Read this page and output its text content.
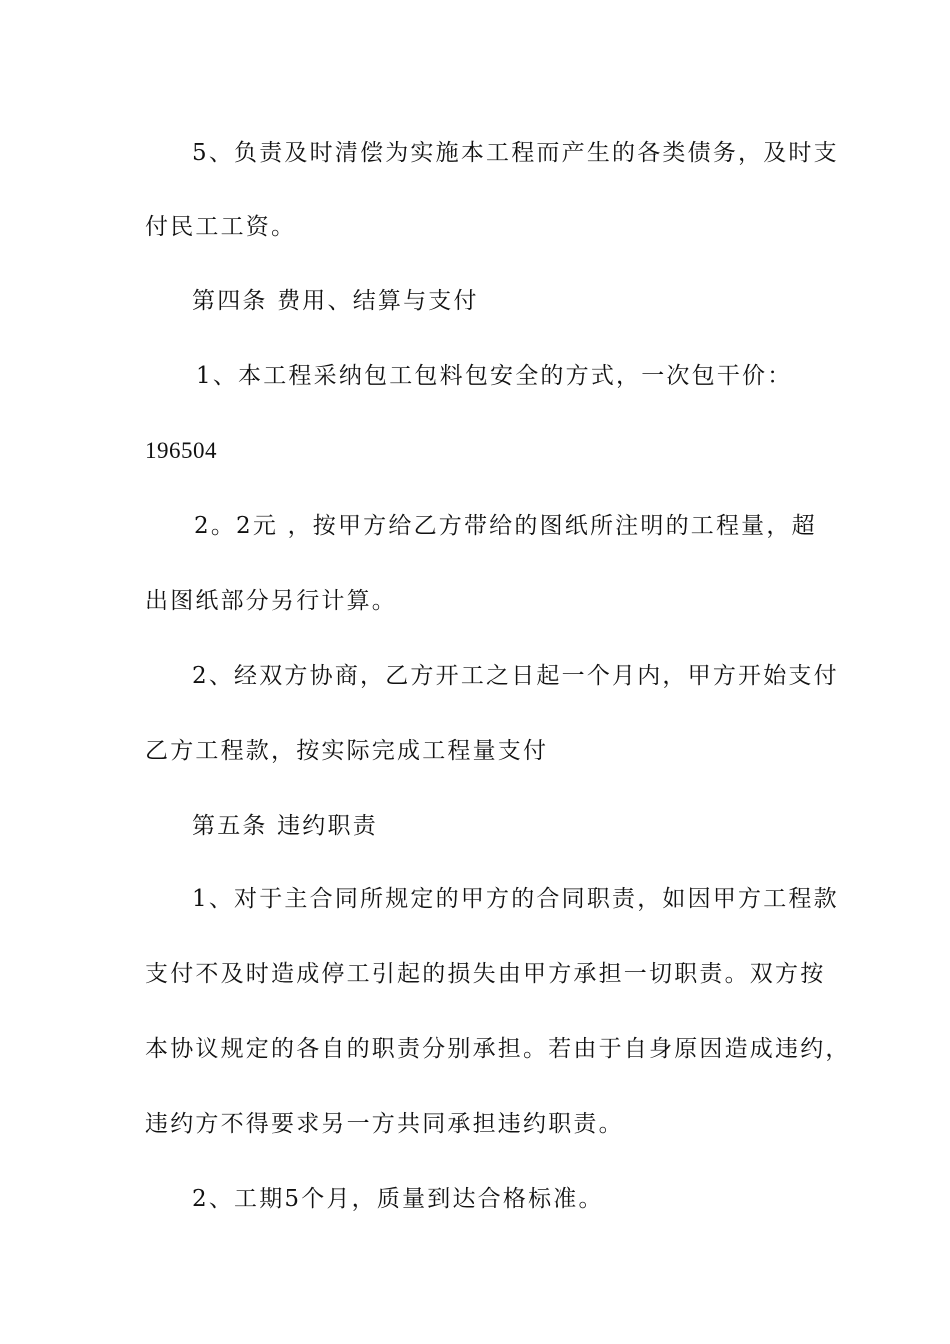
5、负责及时清偿为实施本工程而产生的各类债务，及时支
付民工工资。
第四条 费用、结算与支付
1、本工程采纳包工包料包安全的方式，一次包干价：
196504
2。2元 ，按甲方给乙方带给的图纸所注明的工程量，超
出图纸部分另行计算。
2、经双方协商，乙方开工之日起一个月内，甲方开始支付
乙方工程款，按实际完成工程量支付
第五条 违约职责
1、对于主合同所规定的甲方的合同职责，如因甲方工程款
支付不及时造成停工引起的损失由甲方承担一切职责。双方按
本协议规定的各自的职责分别承担。若由于自身原因造成违约，
违约方不得要求另一方共同承担违约职责。
2、工期5个月，质量到达合格标准。
